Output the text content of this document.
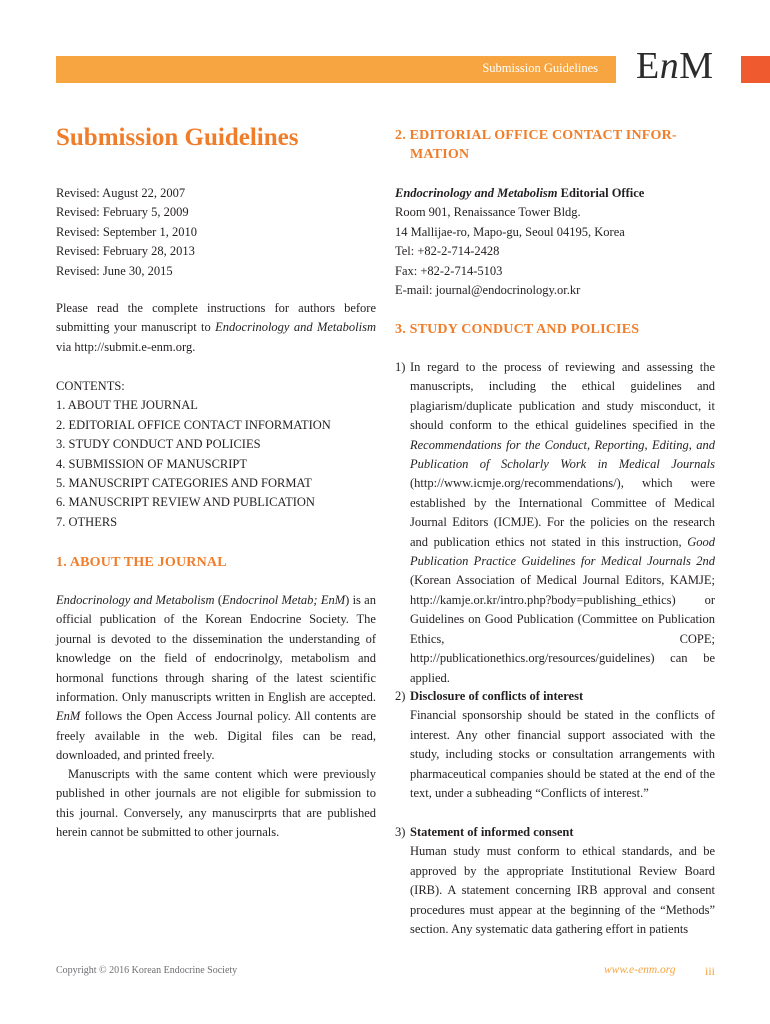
Submission Guidelines EnM
Submission Guidelines
Revised: August 22, 2007
Revised: February 5, 2009
Revised: September 1, 2010
Revised: February 28, 2013
Revised: June 30, 2015
Please read the complete instructions for authors before submitting your manuscript to Endocrinology and Metabolism via http://submit.e-enm.org.
CONTENTS:
1. ABOUT THE JOURNAL
2. EDITORIAL OFFICE CONTACT INFORMATION
3. STUDY CONDUCT AND POLICIES
4. SUBMISSION OF MANUSCRIPT
5. MANUSCRIPT CATEGORIES AND FORMAT
6. MANUSCRIPT REVIEW AND PUBLICATION
7. OTHERS
1. ABOUT THE JOURNAL
Endocrinology and Metabolism (Endocrinol Metab; EnM) is an official publication of the Korean Endocrine Society. The journal is devoted to the dissemination the understanding of knowledge on the field of endocrinolgy, metabolism and hormonal functions through sharing of the latest scientific information. Only manuscripts written in English are accepted. EnM follows the Open Access Journal policy. All contents are freely available in the web. Digital files can be read, downloaded, and printed freely.
Manuscripts with the same content which were previously published in other journals are not eligible for submission to this journal. Conversely, any manuscirprts that are published herein cannot be submitted to other journals.
2. EDITORIAL OFFICE CONTACT INFOR-
MATION
Endocrinology and Metabolism Editorial Office
Room 901, Renaissance Tower Bldg.
14 Mallijae-ro, Mapo-gu, Seoul 04195, Korea
Tel: +82-2-714-2428
Fax: +82-2-714-5103
E-mail: journal@endocrinology.or.kr
3. STUDY CONDUCT AND POLICIES
1) In regard to the process of reviewing and assessing the manuscripts, including the ethical guidelines and plagiarism/duplicate publication and study misconduct, it should conform to the ethical guidelines specified in the Recommendations for the Conduct, Reporting, Editing, and Publication of Scholarly Work in Medical Journals (http://www.icmje.org/recommendations/), which were established by the International Committee of Medical Journal Editors (ICMJE). For the policies on the research and publication ethics not stated in this instruction, Good Publication Practice Guidelines for Medical Journals 2nd (Korean Association of Medical Journal Editors, KAMJE; http://kamje.or.kr/intro.php?body=publishing_ethics) or Guidelines on Good Publication (Committee on Publication Ethics, COPE; http://publicationethics.org/resources/guidelines) can be applied.
2) Disclosure of conflicts of interest
Financial sponsorship should be stated in the conflicts of interest. Any other financial support associated with the study, including stocks or consultation arrangements with pharmaceutical companies should be stated at the end of the text, under a subheading “Conflicts of interest.”
3) Statement of informed consent
Human study must conform to ethical standards, and be approved by the appropriate Institutional Review Board (IRB). A statement concerning IRB approval and consent procedures must appear at the beginning of the “Methods” section. Any systematic data gathering effort in patients
Copyright © 2016 Korean Endocrine Society	www.e-enm.org iii
